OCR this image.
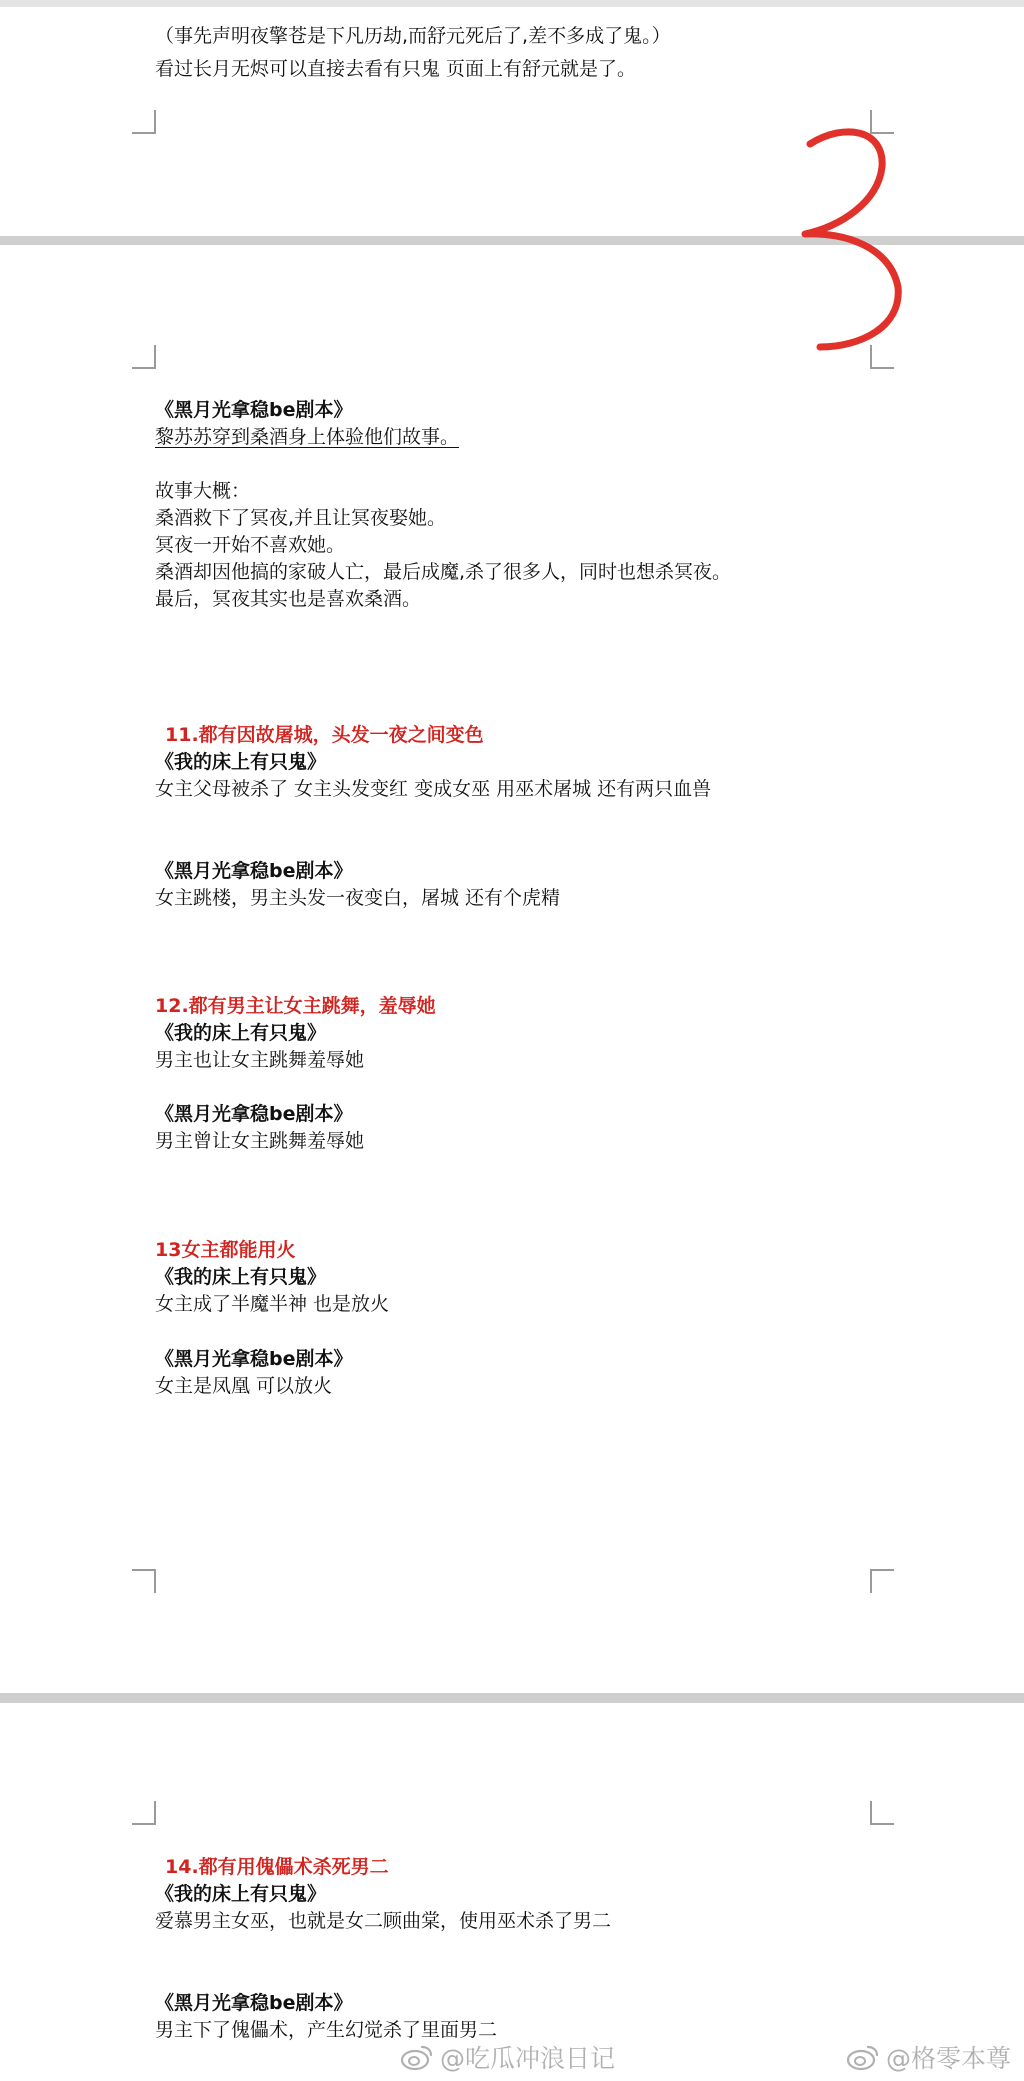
（事先声明夜擎苍是下凡历劫,而舒元死后了,差不多成了鬼。）
看过长月无烬可以直接去看有只鬼 页面上有舒元就是了。
《黑月光拿稳be剧本》
黎苏苏穿到桑酒身上体验他们故事。
故事大概：
桑酒救下了冥夜,并且让冥夜娶她。
冥夜一开始不喜欢她。
桑酒却因他搞的家破人亡，最后成魔,杀了很多人，同时也想杀冥夜。
最后，冥夜其实也是喜欢桑酒。
11.都有因故屠城，头发一夜之间变色
《我的床上有只鬼》
女主父母被杀了 女主头发变红 变成女巫 用巫术屠城 还有两只血兽
《黑月光拿稳be剧本》
女主跳楼，男主头发一夜变白，屠城 还有个虎精
12.都有男主让女主跳舞，羞辱她
《我的床上有只鬼》
男主也让女主跳舞羞辱她
《黑月光拿稳be剧本》
男主曾让女主跳舞羞辱她
13女主都能用火
《我的床上有只鬼》
女主成了半魔半神 也是放火
《黑月光拿稳be剧本》
女主是凤凰 可以放火
14.都有用傀儡术杀死男二
《我的床上有只鬼》
爱慕男主女巫，也就是女二顾曲棠，使用巫术杀了男二
《黑月光拿稳be剧本》
男主下了傀儡术，产生幻觉杀了里面男二
@吃瓜冲浪日记	@格零本尊
